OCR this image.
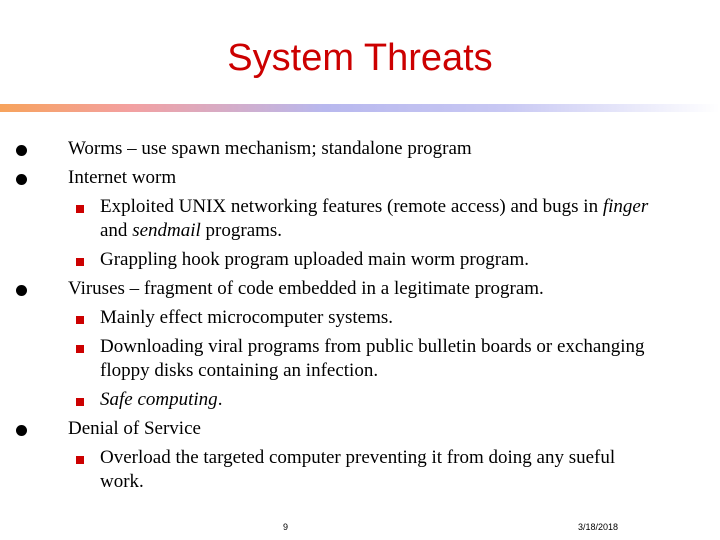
System Threats
Worms – use spawn mechanism; standalone program
Internet worm
Exploited UNIX networking features (remote access) and bugs in finger
and sendmail programs.
Grappling hook program uploaded main worm program.
Viruses – fragment of code embedded in a legitimate program.
Mainly effect microcomputer systems.
Downloading viral programs from public bulletin boards or exchanging
floppy disks containing an infection.
Safe computing.
Denial of Service
Overload the targeted computer preventing it from doing any sueful
work.
9	3/18/2018
